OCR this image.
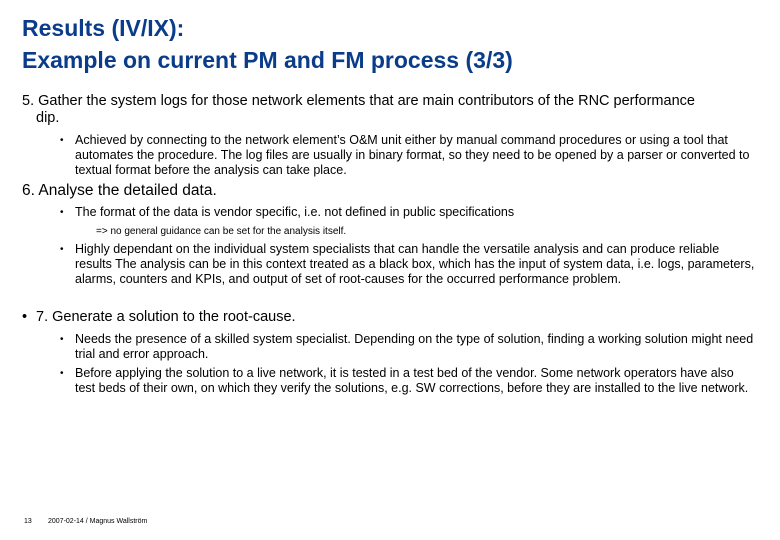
Results (IV/IX):
Example on current PM and FM process (3/3)
5. Gather the system logs for those network elements that are main contributors of the RNC performance dip.
• Achieved by connecting to the network element’s O&M unit either by manual command procedures or using a tool that automates the procedure. The log files are usually in binary format, so they need to be opened by a parser or converted to textual format before the analysis can take place.
6. Analyse the detailed data.
• The format of the data is vendor specific, i.e. not defined in public specifications
=> no general guidance can be set for the analysis itself.
• Highly dependant on the individual system specialists that can handle the versatile analysis and can produce reliable results The analysis can be in this context treated as a black box, which has the input of system data, i.e. logs, parameters, alarms, counters and KPIs, and output of set of root-causes for the occurred performance problem.
• 7. Generate a solution to the root-cause.
• Needs the presence of a skilled system specialist. Depending on the type of solution, finding a working solution might need trial and error approach.
• Before applying the solution to a live network, it is tested in a test bed of the vendor. Some network operators have also test beds of their own, on which they verify the solutions, e.g. SW corrections, before they are installed to the live network.
13 2007-02-14 / Magnus Wallström
